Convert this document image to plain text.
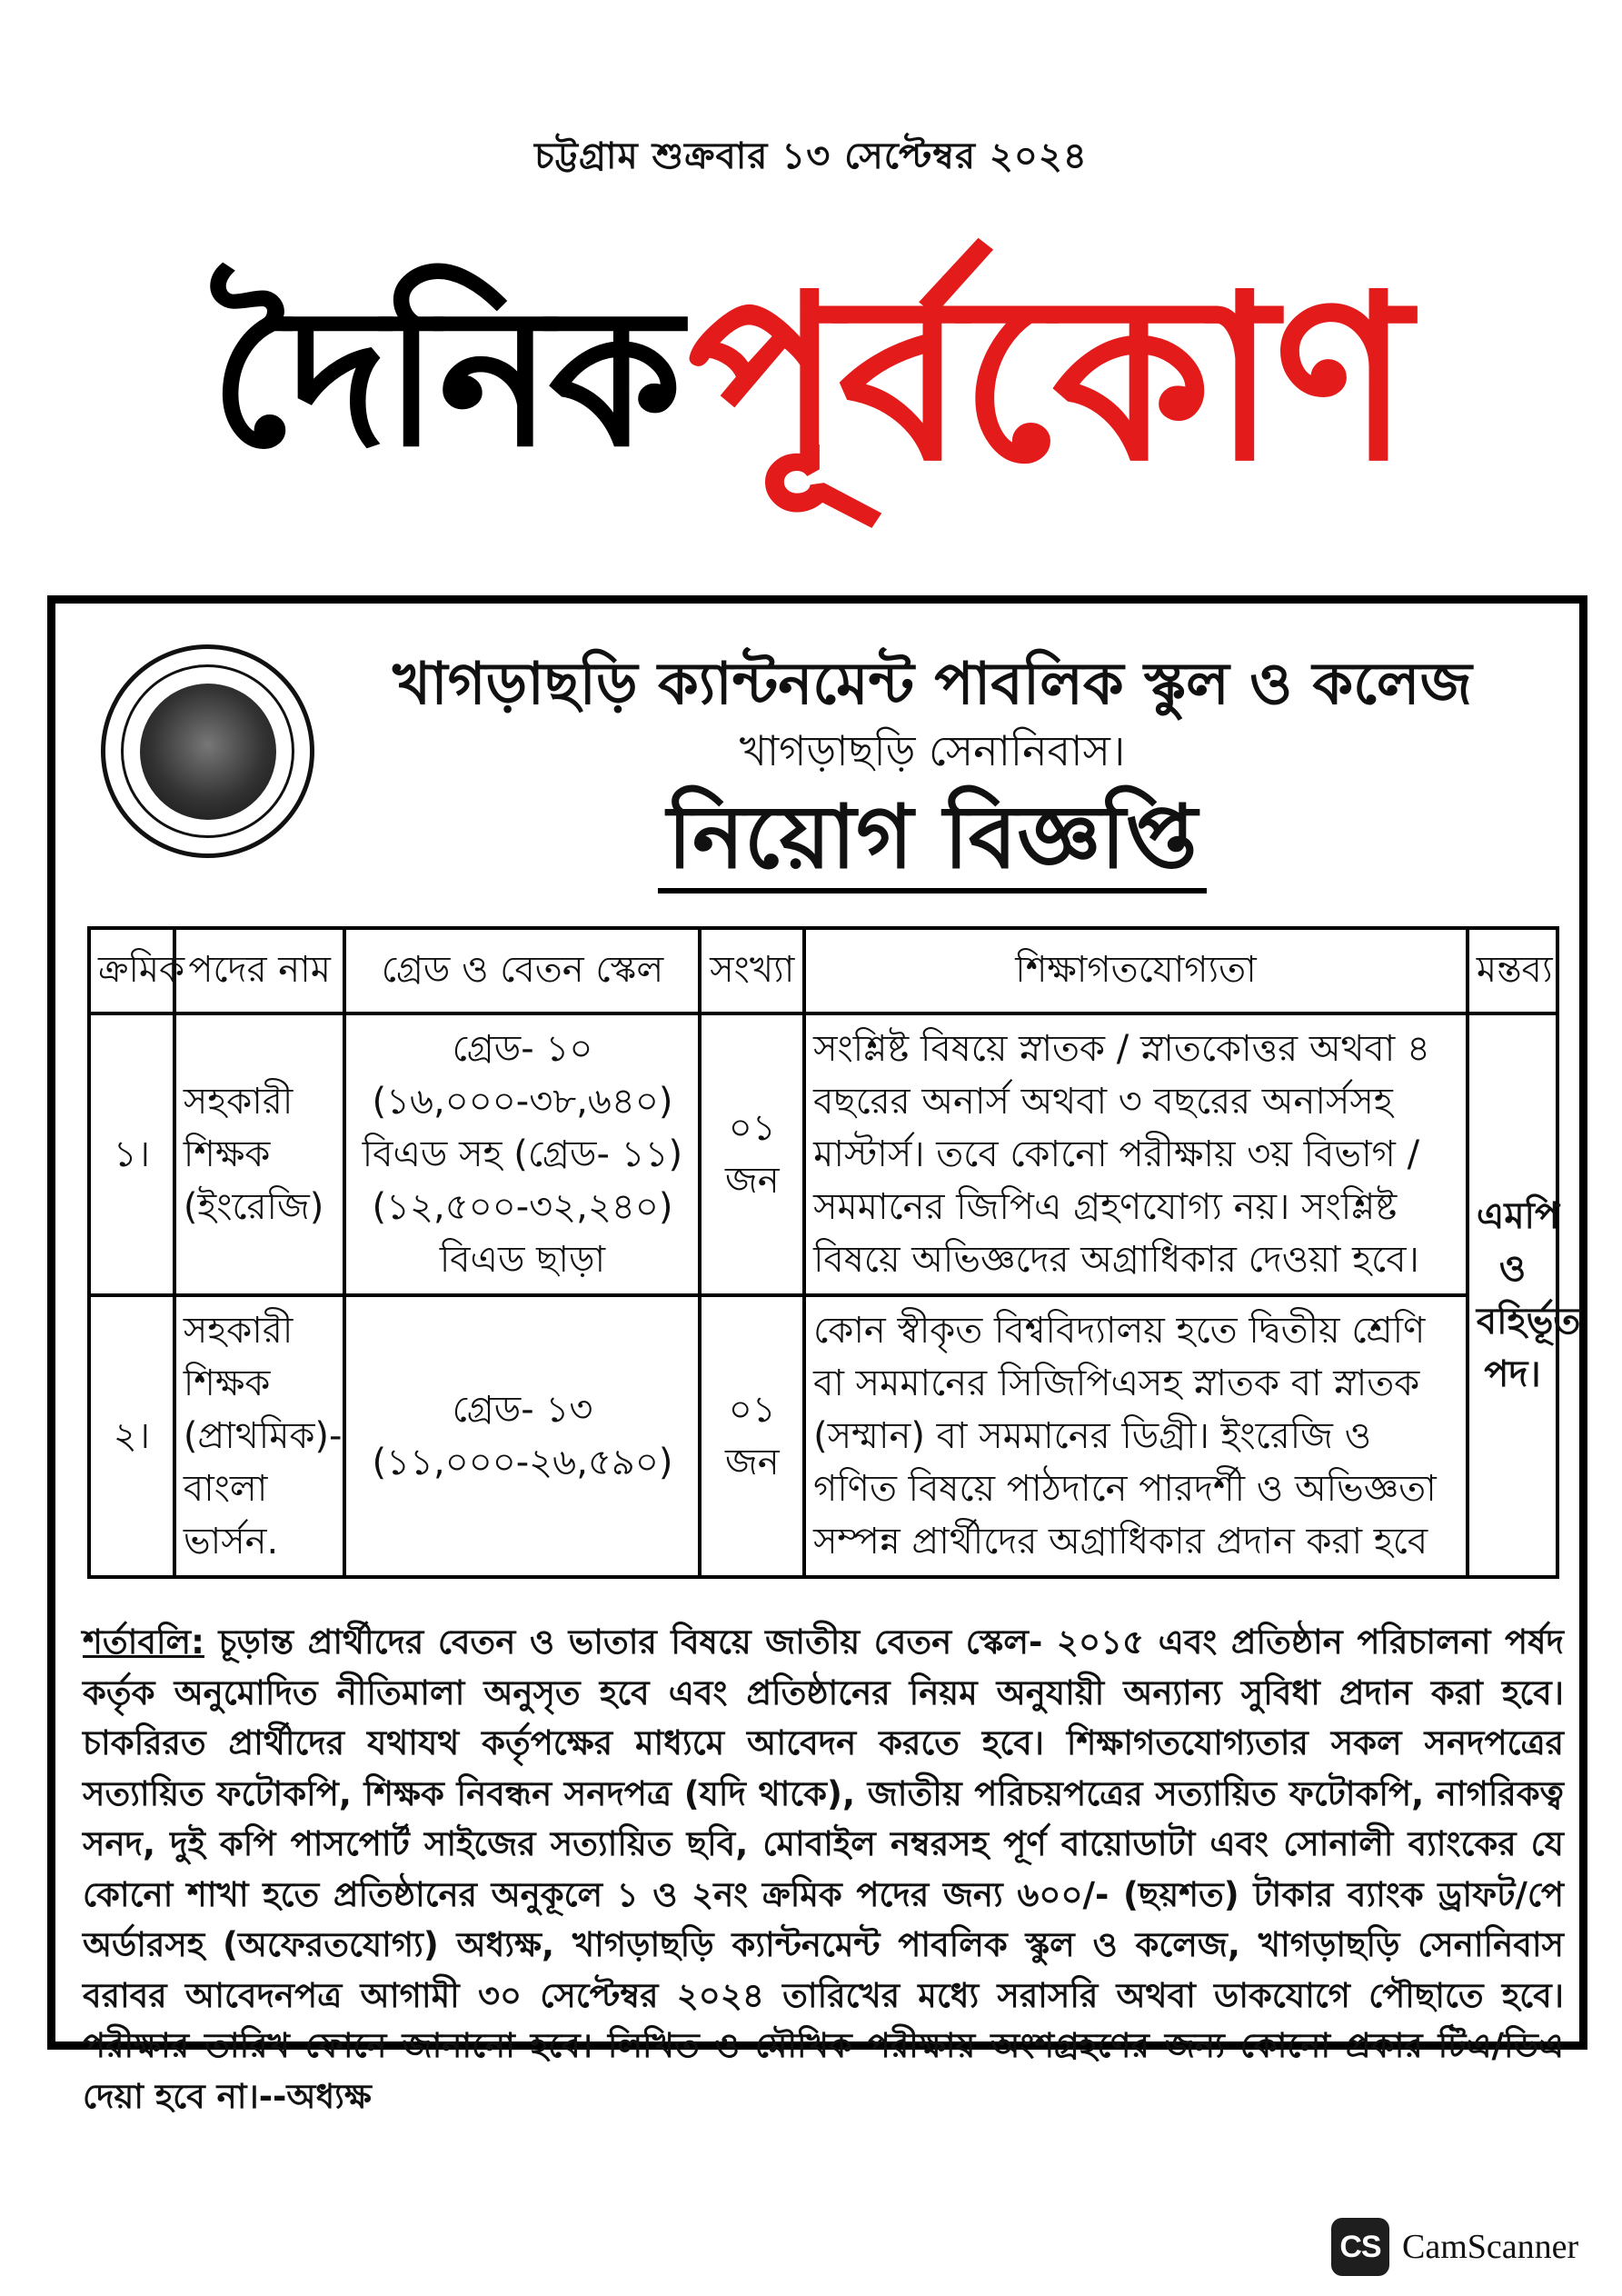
চট্টগ্রাম শুক্রবার ১৩ সেপ্টেম্বর ২০২৪
দৈনিক পূর্বকোণ
খাগড়াছড়ি ক্যান্টনমেন্ট পাবলিক স্কুল ও কলেজ
খাগড়াছড়ি সেনানিবাস।
নিয়োগ বিজ্ঞপ্তি
ক্রমিক	পদের নাম	গ্রেড ও বেতন স্কেল	সংখ্যা	শিক্ষাগতযোগ্যতা	মন্তব্য
১।	সহকারী শিক্ষক (ইংরেজি)	গ্রেড- ১০ (১৬,০০০-৩৮,৬৪০) বিএড সহ (গ্রেড- ১১) (১২,৫০০-৩২,২৪০) বিএড ছাড়া	০১ জন	সংশ্লিষ্ট বিষয়ে স্নাতক / স্নাতকোত্তর অথবা ৪ বছরের অনার্স অথবা ৩ বছরের অনার্সসহ মাস্টার্স। তবে কোনো পরীক্ষায় ৩য় বিভাগ / সমমানের জিপিএ গ্রহণযোগ্য নয়। সংশ্লিষ্ট বিষয়ে অভিজ্ঞদের অগ্রাধিকার দেওয়া হবে।	এমপি ও বহির্ভূত পদ।
২।	সহকারী শিক্ষক (প্রাথমিক)- বাংলা ভার্সন.	গ্রেড- ১৩ (১১,০০০-২৬,৫৯০)	০১ জন	কোন স্বীকৃত বিশ্ববিদ্যালয় হতে দ্বিতীয় শ্রেণি বা সমমানের সিজিপিএসহ স্নাতক বা স্নাতক (সম্মান) বা সমমানের ডিগ্রী। ইংরেজি ও গণিত বিষয়ে পাঠদানে পারদর্শী ও অভিজ্ঞতা সম্পন্ন প্রার্থীদের অগ্রাধিকার প্রদান করা হবে	
শর্তাবলি: চূড়ান্ত প্রার্থীদের বেতন ও ভাতার বিষয়ে জাতীয় বেতন স্কেল- ২০১৫ এবং প্রতিষ্ঠান পরিচালনা পর্ষদ কর্তৃক অনুমোদিত নীতিমালা অনুসৃত হবে এবং প্রতিষ্ঠানের নিয়ম অনুযায়ী অন্যান্য সুবিধা প্রদান করা হবে। চাকরিরত প্রার্থীদের যথাযথ কর্তৃপক্ষের মাধ্যমে আবেদন করতে হবে। শিক্ষাগতযোগ্যতার সকল সনদপত্রের সত্যায়িত ফটোকপি, শিক্ষক নিবন্ধন সনদপত্র (যদি থাকে), জাতীয় পরিচয়পত্রের সত্যায়িত ফটোকপি, নাগরিকত্ব সনদ, দুই কপি পাসপোর্ট সাইজের সত্যায়িত ছবি, মোবাইল নম্বরসহ পূর্ণ বায়োডাটা এবং সোনালী ব্যাংকের যে কোনো শাখা হতে প্রতিষ্ঠানের অনুকূলে ১ ও ২নং ক্রমিক পদের জন্য ৬০০/- (ছয়শত) টাকার ব্যাংক ড্রাফট/পে অর্ডারসহ (অফেরতযোগ্য) অধ্যক্ষ, খাগড়াছড়ি ক্যান্টনমেন্ট পাবলিক স্কুল ও কলেজ, খাগড়াছড়ি সেনানিবাস বরাবর আবেদনপত্র আগামী ৩০ সেপ্টেম্বর ২০২৪ তারিখের মধ্যে সরাসরি অথবা ডাকযোগে পৌছাতে হবে। পরীক্ষার তারিখ ফোনে জানানো হবে। লিখিত ও মৌখিক পরীক্ষায় অংশগ্রহণের জন্য কোনো প্রকার টিএ/ডিএ দেয়া হবে না।--অধ্যক্ষ
CS CamScanner
